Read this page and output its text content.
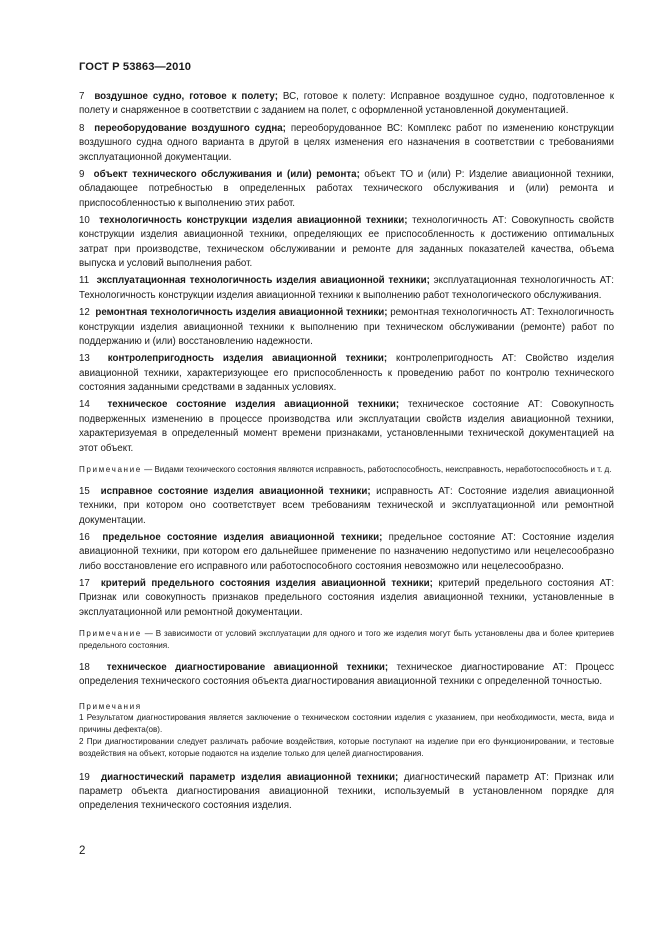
ГОСТ Р 53863—2010

7 воздушное судно, готовое к полету; ВС, готовое к полету: Исправное воздушное судно, подготовленное к полету и снаряженное в соответствии с заданием на полет, с оформленной установленной документацией.

8 переоборудование воздушного судна; переоборудованное ВС: Комплекс работ по изменению конструкции воздушного судна одного варианта в другой в целях изменения его назначения в соответствии с требованиями эксплуатационной документации.

9 объект технического обслуживания и (или) ремонта; объект ТО и (или) Р: Изделие авиационной техники, обладающее потребностью в определенных работах технического обслуживания и (или) ремонта и приспособленностью к выполнению этих работ.

10 технологичность конструкции изделия авиационной техники; технологичность АТ: Совокупность свойств конструкции изделия авиационной техники, определяющих ее приспособленность к достижению оптимальных затрат при производстве, техническом обслуживании и ремонте для заданных показателей качества, объема выпуска и условий выполнения работ.

11 эксплуатационная технологичность изделия авиационной техники; эксплуатационная технологичность АТ: Технологичность конструкции изделия авиационной техники к выполнению работ технологического обслуживания.

12 ремонтная технологичность изделия авиационной техники; ремонтная технологичность АТ: Технологичность конструкции изделия авиационной техники к выполнению при техническом обслуживании (ремонте) работ по поддержанию и (или) восстановлению надежности.

13 контролепригодность изделия авиационной техники; контролепригодность АТ: Свойство изделия авиационной техники, характеризующее его приспособленность к проведению работ по контролю технического состояния заданными средствами в заданных условиях.

14 техническое состояние изделия авиационной техники; техническое состояние АТ: Совокупность подверженных изменению в процессе производства или эксплуатации свойств изделия авиационной техники, характеризуемая в определенный момент времени признаками, установленными технической документацией на этот объект.

Примечание — Видами технического состояния являются исправность, работоспособность, неисправность, неработоспособность и т. д.

15 исправное состояние изделия авиационной техники; исправность АТ: Состояние изделия авиационной техники, при котором оно соответствует всем требованиям технической и эксплуатационной или ремонтной документации.

16 предельное состояние изделия авиационной техники; предельное состояние АТ: Состояние изделия авиационной техники, при котором его дальнейшее применение по назначению недопустимо или нецелесообразно либо восстановление его исправного или работоспособного состояния невозможно или нецелесообразно.

17 критерий предельного состояния изделия авиационной техники; критерий предельного состояния АТ: Признак или совокупность признаков предельного состояния изделия авиационной техники, установленные в эксплуатационной или ремонтной документации.

Примечание — В зависимости от условий эксплуатации для одного и того же изделия могут быть установлены два и более критериев предельного состояния.

18 техническое диагностирование авиационной техники; техническое диагностирование АТ: Процесс определения технического состояния объекта диагностирования авиационной техники с определенной точностью.

Примечания

1 Результатом диагностирования является заключение о техническом состоянии изделия с указанием, при необходимости, места, вида и причины дефекта(ов).

2 При диагностировании следует различать рабочие воздействия, которые поступают на изделие при его функционировании, и тестовые воздействия на объект, которые подаются на изделие только для целей диагностирования.

19 диагностический параметр изделия авиационной техники; диагностический параметр АТ: Признак или параметр объекта диагностирования авиационной техники, используемый в установленном порядке для определения технического состояния изделия.

2
